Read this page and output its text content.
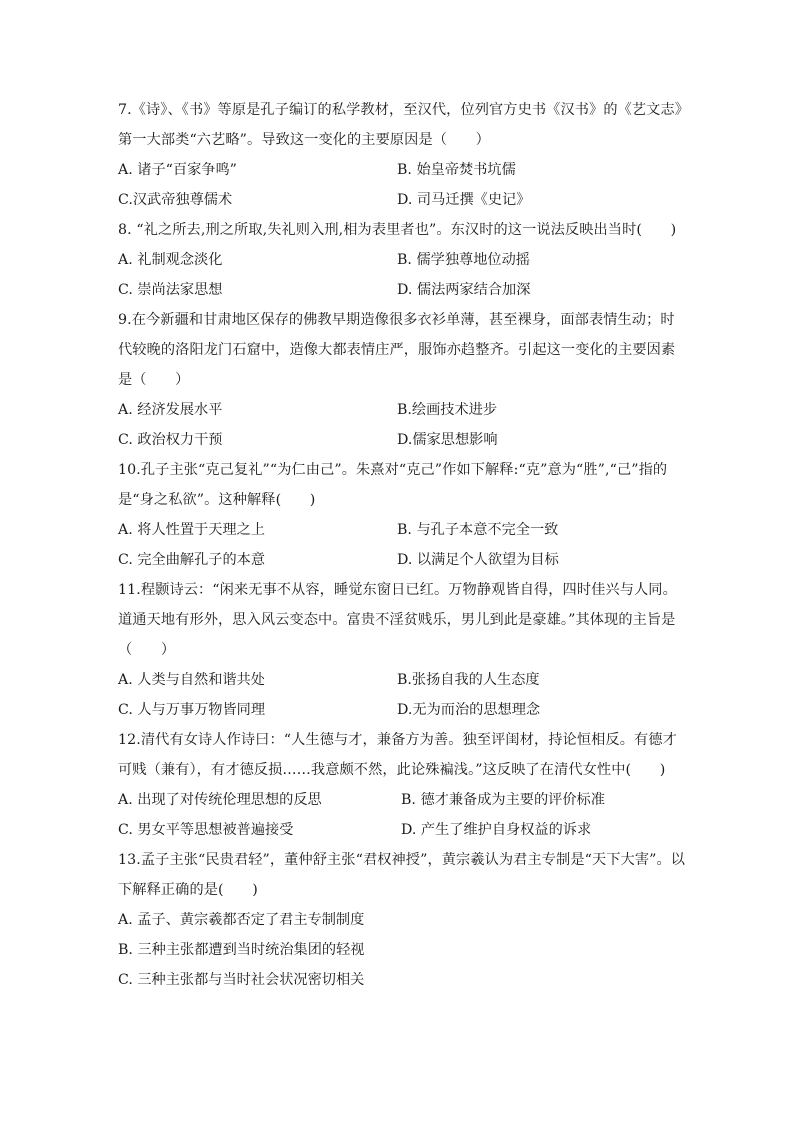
7.《诗》、《书》等原是孔子编订的私学教材，至汉代，位列官方史书《汉书》的《艺文志》第一大部类“六艺略”。导致这一变化的主要原因是（　　）
A. 诸子“百家争鸣”	B. 始皇帝焚书坑儒
C.汉武帝独尊儒术	D. 司马迁撰《史记》
8. “礼之所去,刑之所取,失礼则入刑,相为表里者也”。东汉时的这一说法反映出当时(　　)
A. 礼制观念淡化	B. 儒学独尊地位动摇
C. 崇尚法家思想	D. 儒法两家结合加深
9.在今新疆和甘肃地区保存的佛教早期造像很多衣衫单薄，甚至裸身，面部表情生动；时代较晚的洛阳龙门石窟中，造像大都表情庄严，服饰亦趋整齐。引起这一变化的主要因素是（　　）
A. 经济发展水平	B.绘画技术进步
C. 政治权力干预	D.儒家思想影响
10.孔子主张“克己复礼”“为仁由己”。朱熹对“克己”作如下解释:“克”意为“胜”,“己”指的是“身之私欲”。这种解释(　　)
A. 将人性置于天理之上	B. 与孔子本意不完全一致
C. 完全曲解孔子的本意	D. 以满足个人欲望为目标
11.程颢诗云：“闲来无事不从容，睡觉东窗日已红。万物静观皆自得，四时佳兴与人同。道通天地有形外，思入风云变态中。富贵不淫贫贱乐，男儿到此是豪雄。”其体现的主旨是（　　）
A. 人类与自然和谐共处	B.张扬自我的人生态度
C. 人与万事万物皆同理	D.无为而治的思想理念
12.清代有女诗人作诗曰：“人生德与才，兼备方为善。独至评闺材，持论恒相反。有德才可贱（兼有），有才德反损……我意颇不然，此论殊褊浅。”这反映了在清代女性中(　　)
A. 出现了对传统伦理思想的反思	B. 德才兼备成为主要的评价标准
C. 男女平等思想被普遍接受	D. 产生了维护自身权益的诉求
13.孟子主张“民贵君轻”，董仲舒主张“君权神授”，黄宗羲认为君主专制是“天下大害”。以下解释正确的是(　　)
A. 孟子、黄宗羲都否定了君主专制制度
B. 三种主张都遭到当时统治集团的轻视
C. 三种主张都与当时社会状况密切相关
